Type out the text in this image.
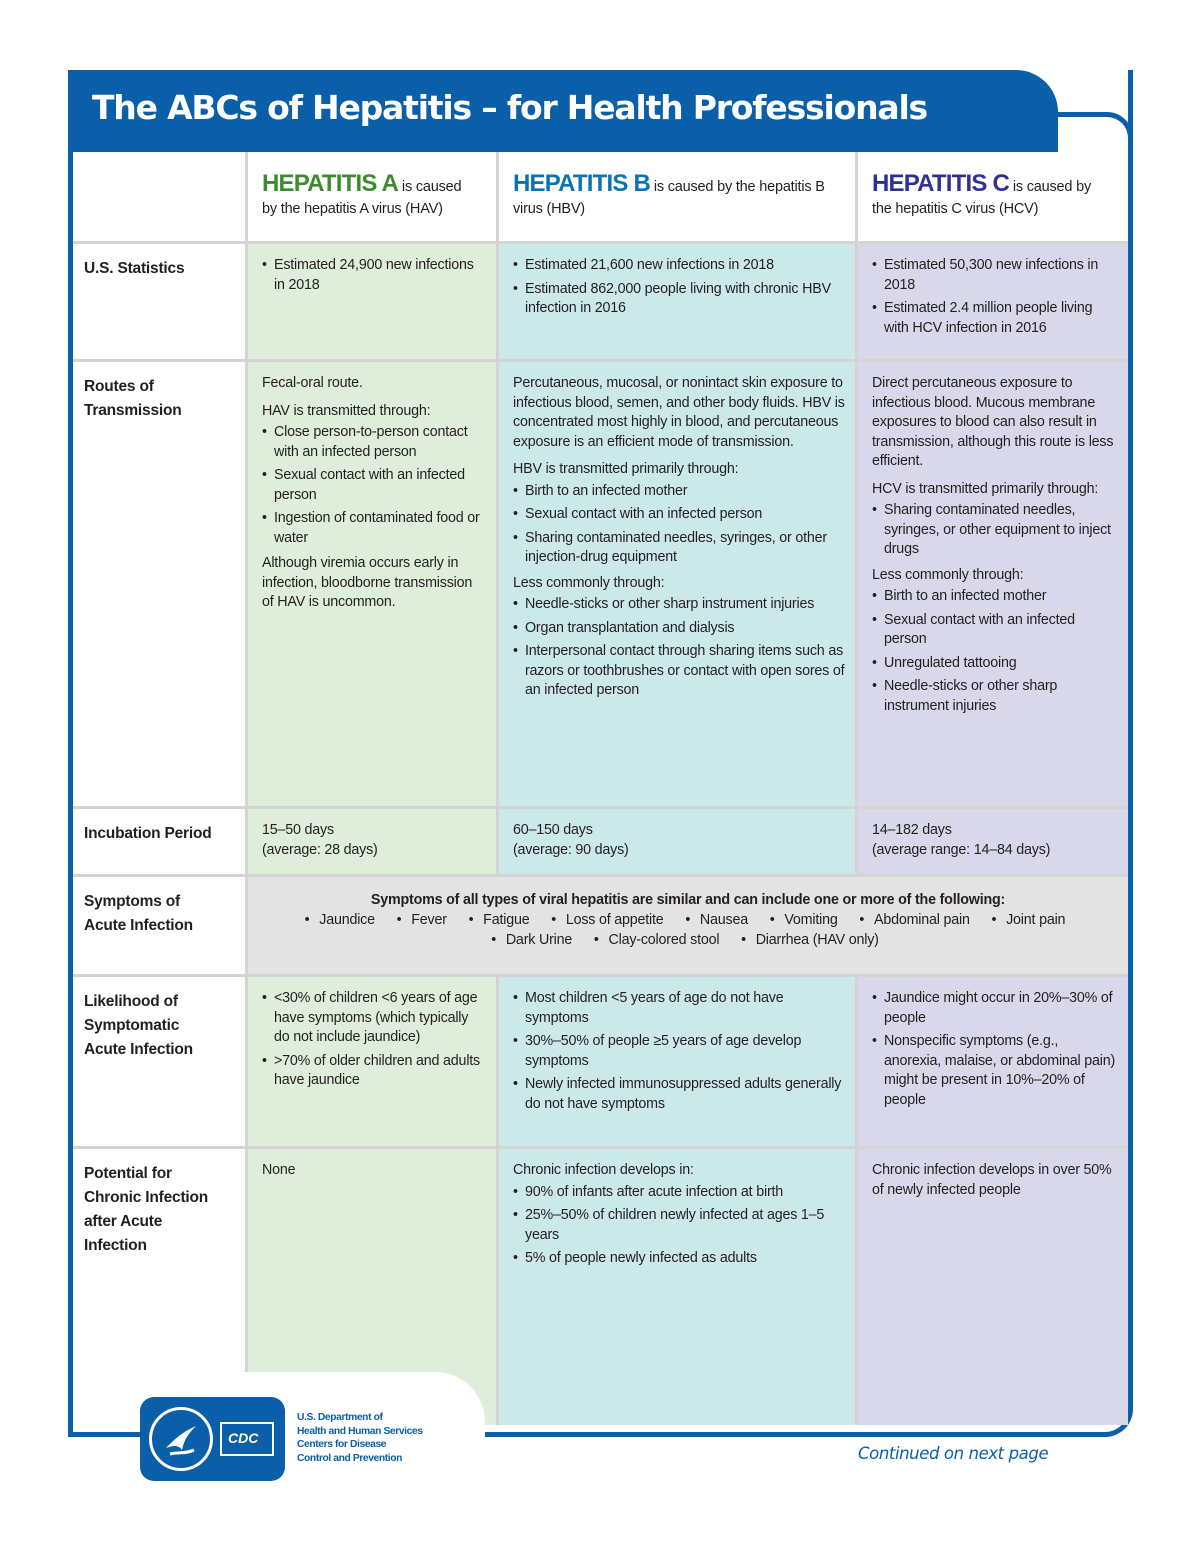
The ABCs of Hepatitis – for Health Professionals
HEPATITIS A is caused
by the hepatitis A virus (HAV)
HEPATITIS B is caused by the hepatitis B
virus (HBV)
HEPATITIS C is caused by
the hepatitis C virus (HCV)
U.S. Statistics
•	Estimated 24,900 new infections in 2018
• Estimated 21,600 new infections in 2018
• Estimated 862,000 people living with chronic HBV infection in 2016
• Estimated 50,300 new infections in 2018
• Estimated 2.4 million people living with HCV infection in 2016
Routes of
Transmission

Fecal-oral route.

HAV is transmitted through:

• Close person-to-person contact with an infected person
• Sexual contact with an infected person
• Ingestion of contaminated food or water

Although viremia occurs early in infection, bloodborne transmission of HAV is uncommon.

Percutaneous, mucosal, or nonintact skin exposure to infectious blood, semen, and other body fluids. HBV is concentrated most highly in blood, and percutaneous exposure is an efficient mode of transmission.

HBV is transmitted primarily through:

• Birth to an infected mother
• Sexual contact with an infected person
• Sharing contaminated needles, syringes, or other injection-drug equipment

Less commonly through:

• Needle-sticks or other sharp instrument injuries
• Organ transplantation and dialysis
• Interpersonal contact through sharing items such as razors or toothbrushes or contact with open sores of an infected person

Direct percutaneous exposure to infectious blood. Mucous membrane exposures to blood can also result in transmission, although this route is less efficient.

HCV is transmitted primarily through:

• Sharing contaminated needles, syringes, or other equipment to inject drugs

Less commonly through:

• Birth to an infected mother
• Sexual contact with an infected person
• Unregulated tattooing
• Needle-sticks or other sharp instrument injuries
Incubation Period	15–50 days
(average: 28 days)
60–150 days
(average: 90 days)
14–182 days
(average range: 14–84 days)
Symptoms of
Acute Infection
Symptoms of all types of viral hepatitis are similar and can include one or more of the following:
• Jaundice • Fever • Fatigue • Loss of appetite • Nausea • Vomiting • Abdominal pain • Joint pain
• Dark Urine • Clay-colored stool • Diarrhea (HAV only)
Likelihood of
Symptomatic
Acute Infection
• <30% of children <6 years of age have symptoms (which typically do not include jaundice)
• >70% of older children and adults have jaundice
• Most children <5 years of age do not have symptoms
• 30%–50% of people ≥5 years of age develop symptoms
• Newly infected immunosuppressed adults generally do not have symptoms
• Jaundice might occur in 20%–30% of people
• Nonspecific symptoms (e.g., anorexia, malaise, or abdominal pain) might be present in 10%–20% of people
Potential for
Chronic Infection
after Acute
Infection
None	Chronic infection develops in:

• 90% of infants after acute infection at birth
• 25%–50% of children newly infected at ages 1–5 years
• 5% of people newly infected as adults
Chronic infection develops in over 50% of newly infected people
CDC
U.S. Department of
Health and Human Services
Centers for Disease
Control and Prevention	Continued on next page
